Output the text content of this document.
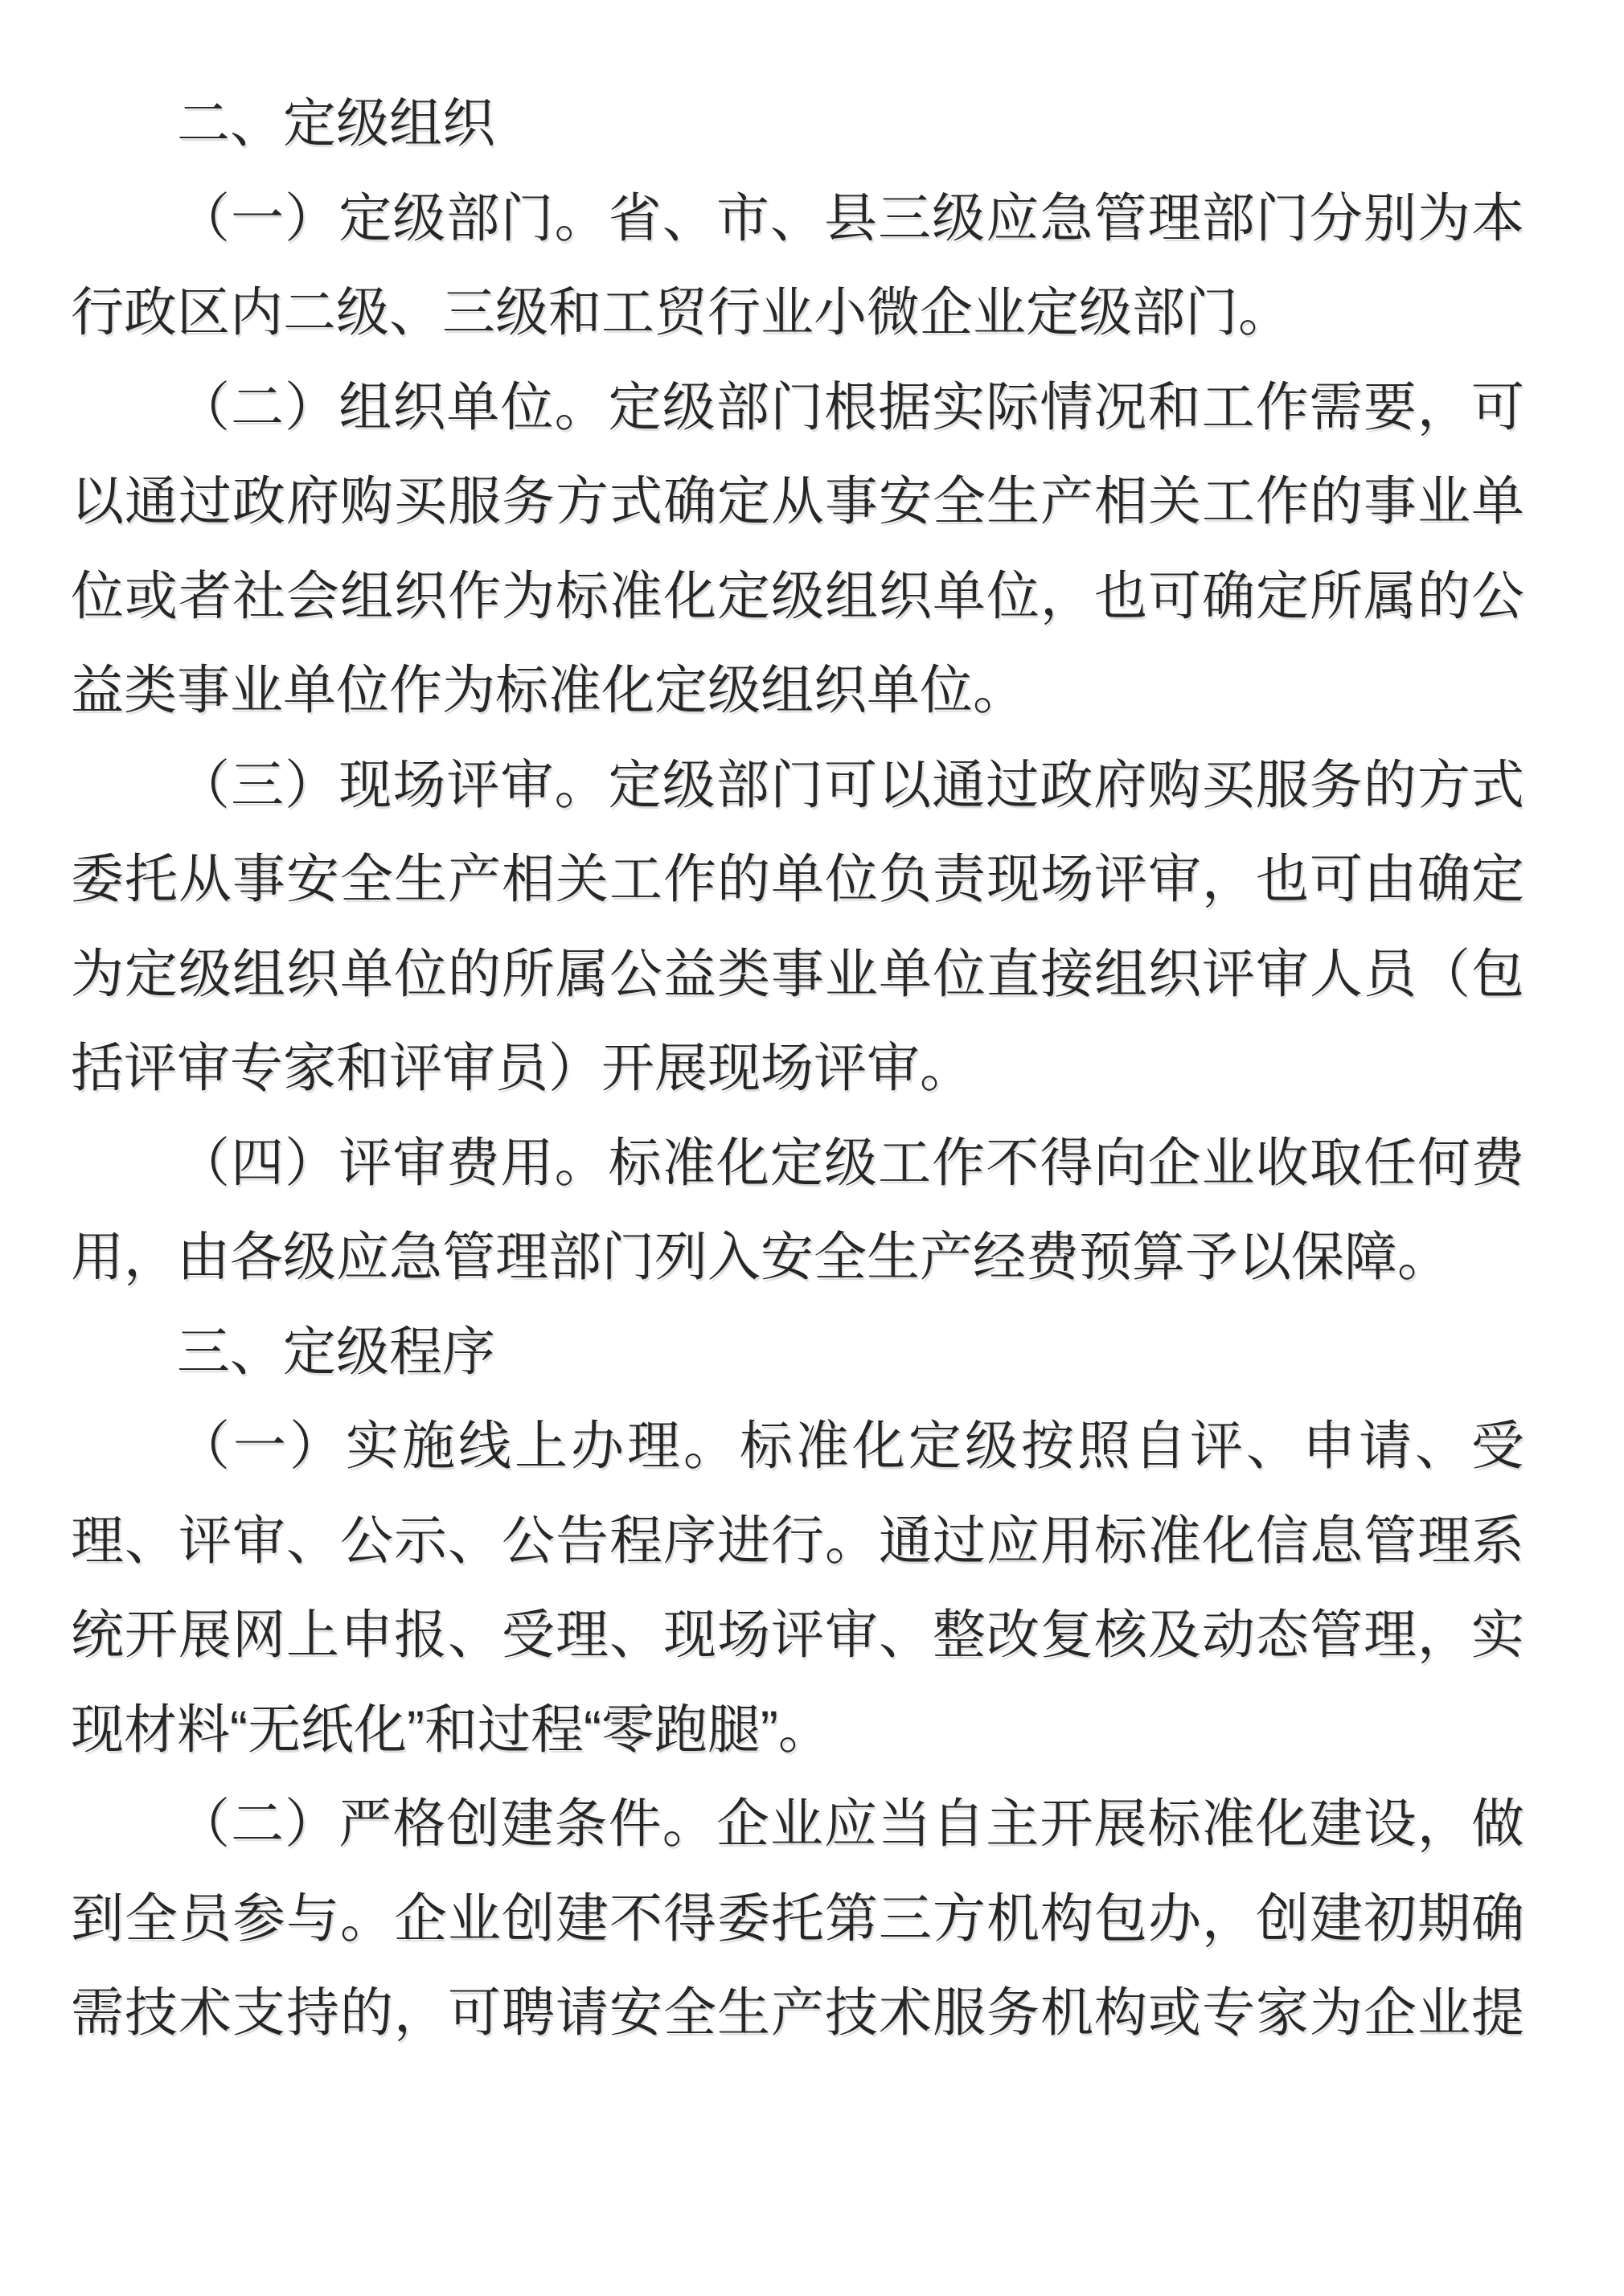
二、定级组织
（一）定级部门。省、市、县三级应急管理部门分别为本
行政区内二级、三级和工贸行业小微企业定级部门。
（二）组织单位。定级部门根据实际情况和工作需要，可
以通过政府购买服务方式确定从事安全生产相关工作的事业单
位或者社会组织作为标准化定级组织单位，也可确定所属的公
益类事业单位作为标准化定级组织单位。
（三）现场评审。定级部门可以通过政府购买服务的方式
委托从事安全生产相关工作的单位负责现场评审，也可由确定
为定级组织单位的所属公益类事业单位直接组织评审人员（包
括评审专家和评审员）开展现场评审。
（四）评审费用。标准化定级工作不得向企业收取任何费
用，由各级应急管理部门列入安全生产经费预算予以保障。
三、定级程序
（一）实施线上办理。标准化定级按照自评、申请、受
理、评审、公示、公告程序进行。通过应用标准化信息管理系
统开展网上申报、受理、现场评审、整改复核及动态管理，实
现材料“无纸化”和过程“零跑腿”。
（二）严格创建条件。企业应当自主开展标准化建设，做
到全员参与。企业创建不得委托第三方机构包办，创建初期确
需技术支持的，可聘请安全生产技术服务机构或专家为企业提
